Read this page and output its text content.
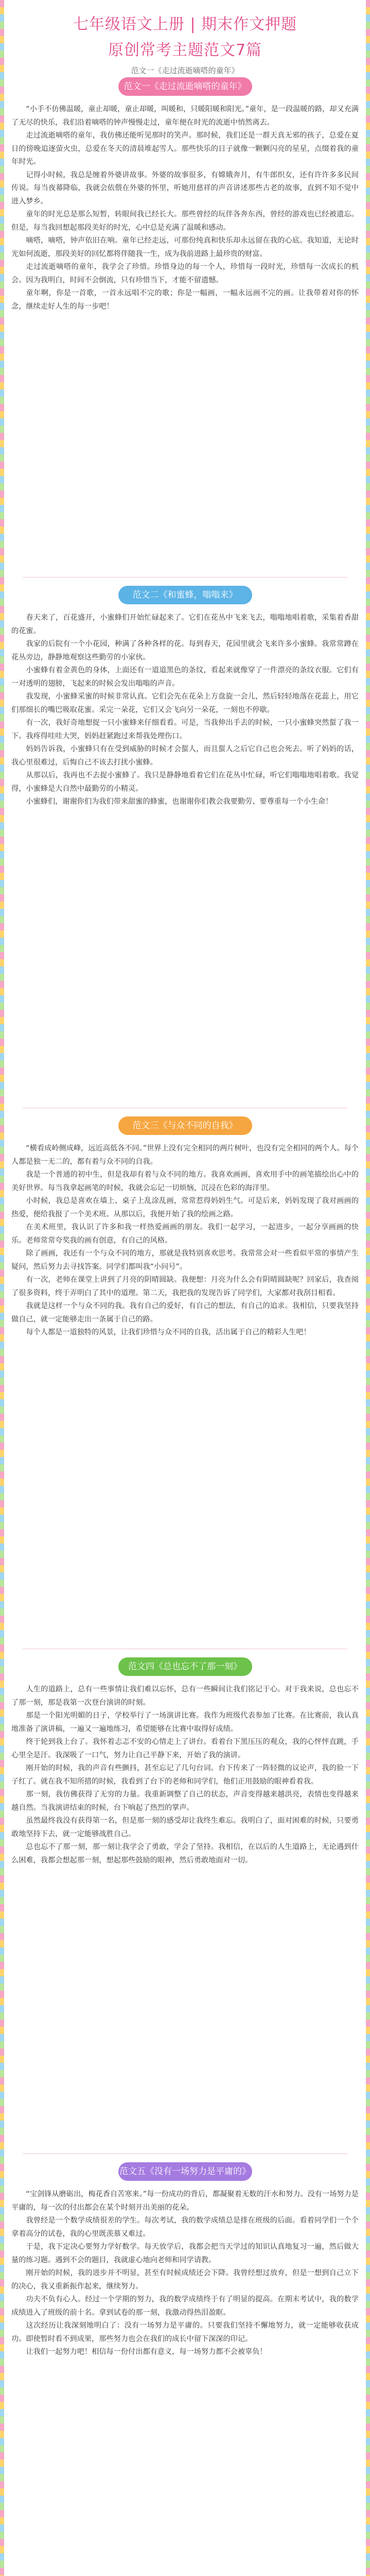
七年级语文上册 | 期末作文押题
原创常考主题范文7篇
范文一《走过流逝嘀嗒的童年》
范文一《走过流逝嘀嗒的童年》

“小手不仿佛温暖，童止却暖，童止却暖，叫暖和，只暖阳暖和阳光。”童年，是一段温暖的路，却又充满了无尽的快乐，我们沿着嘀嗒的钟声慢慢走过，童年便在时光的流逝中悄然离去。

走过流逝嘀嗒的童年，我仿佛还能听见那时的笑声。那时候，我们还是一群天真无邪的孩子，总爱在夏日的傍晚追逐萤火虫，总爱在冬天的清晨堆起雪人。那些快乐的日子就像一颗颗闪亮的星星，点缀着我的童年时光。

记得小时候，我总是缠着外婆讲故事。外婆的故事很多，有嫦娥奔月，有牛郎织女，还有许许多多民间传说。每当夜幕降临，我就会依偎在外婆的怀里，听她用慈祥的声音讲述那些古老的故事，直到不知不觉中进入梦乡。

童年的时光总是那么短暂，转眼间我已经长大。那些曾经的玩伴各奔东西，曾经的游戏也已经被遗忘。但是，每当我回想起那段美好的时光，心中总是充满了温暖和感动。

嘀嗒，嘀嗒，钟声依旧在响。童年已经走远，可那份纯真和快乐却永远留在我的心底。我知道，无论时光如何流逝，那段美好的回忆都将伴随我一生，成为我前进路上最珍贵的财富。

走过流逝嘀嗒的童年，我学会了珍惜。珍惜身边的每一个人，珍惜每一段时光，珍惜每一次成长的机会。因为我明白，时间不会倒流，只有珍惜当下，才能不留遗憾。

童年啊，你是一首歌，一首永远唱不完的歌；你是一幅画，一幅永远画不完的画。让我带着对你的怀念，继续走好人生的每一步吧！

范文二《和蜜蜂，嗡嗡来》

春天来了，百花盛开，小蜜蜂们开始忙碌起来了。它们在花丛中飞来飞去，嗡嗡地唱着歌，采集着香甜的花蜜。

我家的后院有一个小花园，种满了各种各样的花。每到春天，花园里就会飞来许多小蜜蜂。我常常蹲在花丛旁边，静静地观察这些勤劳的小家伙。

小蜜蜂有着金黄色的身体，上面还有一道道黑色的条纹，看起来就像穿了一件漂亮的条纹衣服。它们有一对透明的翅膀，飞起来的时候会发出嗡嗡的声音。

我发现，小蜜蜂采蜜的时候非常认真。它们会先在花朵上方盘旋一会儿，然后轻轻地落在花蕊上，用它们那细长的嘴巴吸取花蜜。采完一朵花，它们又会飞向另一朵花，一刻也不停歇。

有一次，我好奇地想捉一只小蜜蜂来仔细看看。可是，当我伸出手去的时候，一只小蜜蜂突然蜇了我一下。我疼得哇哇大哭，妈妈赶紧跑过来帮我处理伤口。

妈妈告诉我，小蜜蜂只有在受到威胁的时候才会蜇人，而且蜇人之后它自己也会死去。听了妈妈的话，我心里很难过，后悔自己不该去打扰小蜜蜂。

从那以后，我再也不去捉小蜜蜂了。我只是静静地看着它们在花丛中忙碌，听它们嗡嗡地唱着歌。我觉得，小蜜蜂是大自然中最勤劳的小精灵。

小蜜蜂们，谢谢你们为我们带来甜蜜的蜂蜜，也谢谢你们教会我要勤劳、要尊重每一个小生命！

范文三《与众不同的自我》

“横看成岭侧成峰，远近高低各不同。”世界上没有完全相同的两片树叶，也没有完全相同的两个人。每个人都是独一无二的，都有着与众不同的自我。

我是一个普通的初中生，但是我却有着与众不同的地方。我喜欢画画，喜欢用手中的画笔描绘出心中的美好世界。每当我拿起画笔的时候，我就会忘记一切烦恼，沉浸在色彩的海洋里。

小时候，我总是喜欢在墙上、桌子上乱涂乱画，常常惹得妈妈生气。可是后来，妈妈发现了我对画画的热爱，便给我报了一个美术班。从那以后，我便开始了我的绘画之路。

在美术班里，我认识了许多和我一样热爱画画的朋友。我们一起学习，一起进步，一起分享画画的快乐。老师常常夸奖我的画有创意，有自己的风格。

除了画画，我还有一个与众不同的地方，那就是我特别喜欢思考。我常常会对一些看似平常的事情产生疑问，然后努力去寻找答案。同学们都叫我“小问号”。

有一次，老师在课堂上讲到了月亮的阴晴圆缺。我便想：月亮为什么会有阴晴圆缺呢？回家后，我查阅了很多资料，终于弄明白了其中的道理。第二天，我把我的发现告诉了同学们，大家都对我刮目相看。

我就是这样一个与众不同的我。我有自己的爱好，有自己的想法，有自己的追求。我相信，只要我坚持做自己，就一定能够走出一条属于自己的路。

每个人都是一道独特的风景，让我们珍惜与众不同的自我，活出属于自己的精彩人生吧！

范文四《总也忘不了那一刻》

人生的道路上，总有一些事情让我们难以忘怀，总有一些瞬间让我们铭记于心。对于我来说，总也忘不了那一刻，那是我第一次登台演讲的时刻。

那是一个阳光明媚的日子，学校举行了一场演讲比赛。我作为班级代表参加了比赛。在比赛前，我认真地准备了演讲稿，一遍又一遍地练习，希望能够在比赛中取得好成绩。

终于轮到我上台了。我怀着忐忑不安的心情走上了讲台。看着台下黑压压的观众，我的心怦怦直跳，手心里全是汗。我深吸了一口气，努力让自己平静下来，开始了我的演讲。

刚开始的时候，我的声音有些颤抖，甚至忘记了几句台词。台下传来了一阵轻微的议论声，我的脸一下子红了。就在我不知所措的时候，我看到了台下的老师和同学们，他们正用鼓励的眼神看着我。

那一刻，我仿佛获得了无穷的力量。我重新调整了自己的状态，声音变得越来越洪亮，表情也变得越来越自然。当我演讲结束的时候，台下响起了热烈的掌声。

虽然最终我没有获得第一名，但是那一刻的感受却让我终生难忘。我明白了，面对困难的时候，只要勇敢地坚持下去，就一定能够战胜自己。

总也忘不了那一刻，那一刻让我学会了勇敢，学会了坚持。我相信，在以后的人生道路上，无论遇到什么困难，我都会想起那一刻，想起那些鼓励的眼神，然后勇敢地面对一切。

范文五《没有一场努力是平庸的》

“宝剑锋从磨砺出，梅花香自苦寒来。”每一份成功的背后，都凝聚着无数的汗水和努力。没有一场努力是平庸的，每一次的付出都会在某个时刻开出美丽的花朵。

我曾经是一个数学成绩很差的学生。每次考试，我的数学成绩总是排在班级的后面。看着同学们一个个拿着高分的试卷，我的心里既羡慕又难过。

于是，我下定决心要努力学好数学。每天放学后，我都会把当天学过的知识认真地复习一遍，然后做大量的练习题。遇到不会的题目，我就虚心地向老师和同学请教。

刚开始的时候，我的进步并不明显，甚至有时候成绩还会下降。我曾经想过放弃，但是一想到自己立下的决心，我又重新振作起来，继续努力。

功夫不负有心人。经过一个学期的努力，我的数学成绩终于有了明显的提高。在期末考试中，我的数学成绩进入了班级的前十名。拿到试卷的那一刻，我激动得热泪盈眶。

这次经历让我深刻地明白了：没有一场努力是平庸的。只要我们坚持不懈地努力，就一定能够收获成功。即使暂时看不到成果，那些努力也会在我们的成长中留下深深的印记。

让我们一起努力吧！相信每一份付出都有意义，每一场努力都不会被辜负！
